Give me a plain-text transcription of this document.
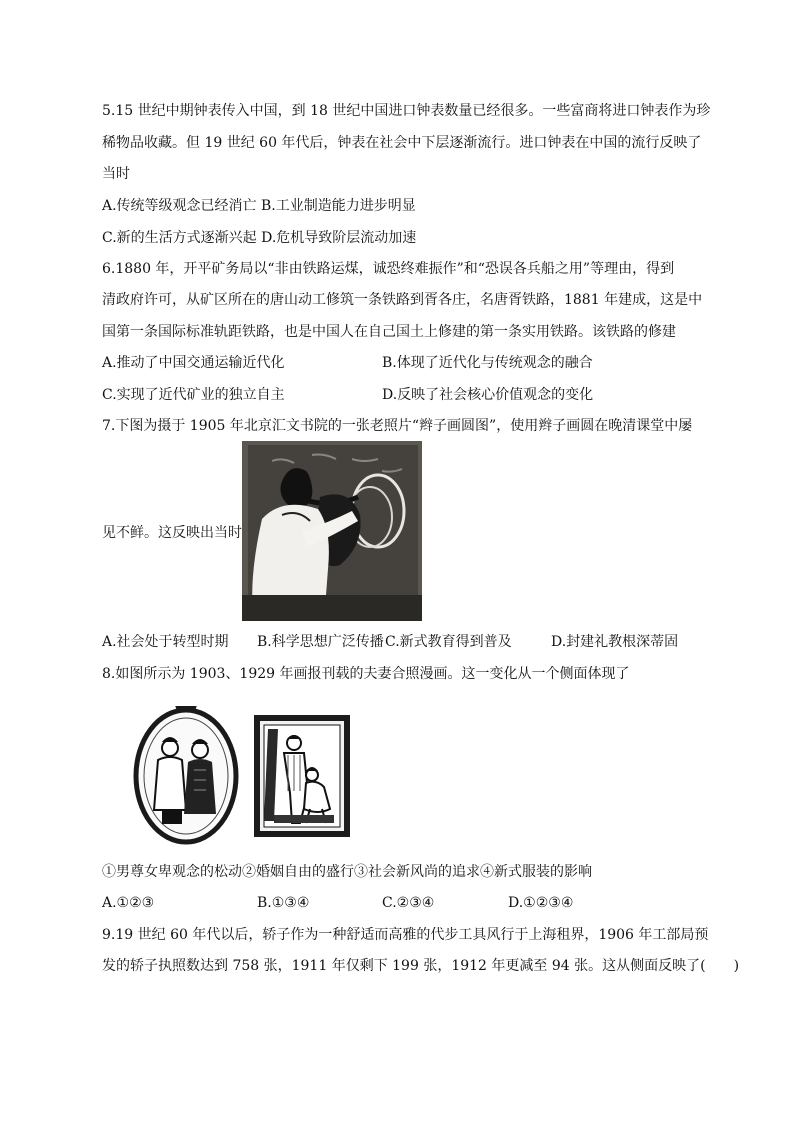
5.15 世纪中期钟表传入中国，到 18 世纪中国进口钟表数量已经很多。一些富商将进口钟表作为珍
稀物品收藏。但 19 世纪 60 年代后，钟表在社会中下层逐渐流行。进口钟表在中国的流行反映了
当时
A.传统等级观念已经消亡 B.工业制造能力进步明显
C.新的生活方式逐渐兴起 D.危机导致阶层流动加速
6.1880 年，开平矿务局以“非由铁路运煤，诚恐终难振作”和“恐误各兵船之用”等理由，得到
清政府许可，从矿区所在的唐山动工修筑一条铁路到胥各庄，名唐胥铁路，1881 年建成，这是中
国第一条国际标准轨距铁路，也是中国人在自己国土上修建的第一条实用铁路。该铁路的修建
A.推动了中国交通运输近代化	B.体现了近代化与传统观念的融合
C.实现了近代矿业的独立自主	D.反映了社会核心价值观念的变化
7.下图为摄于 1905 年北京汇文书院的一张老照片“辫子画圆图”，使用辫子画圆在晚清课堂中屡
见不鲜。这反映出当时
A.社会处于转型时期 B.科学思想广泛传播 C.新式教育得到普及	D.封建礼教根深蒂固
8.如图所示为 1903、1929 年画报刊载的夫妻合照漫画。这一变化从一个侧面体现了
①男尊女卑观念的松动②婚姻自由的盛行③社会新风尚的追求④新式服装的影响
A.①②③	B.①③④	C.②③④	D.①②③④
9.19 世纪 60 年代以后，轿子作为一种舒适而高雅的代步工具风行于上海租界，1906 年工部局预
发的轿子执照数达到 758 张，1911 年仅剩下 199 张，1912 年更减至 94 张。这从侧面反映了(　　)
